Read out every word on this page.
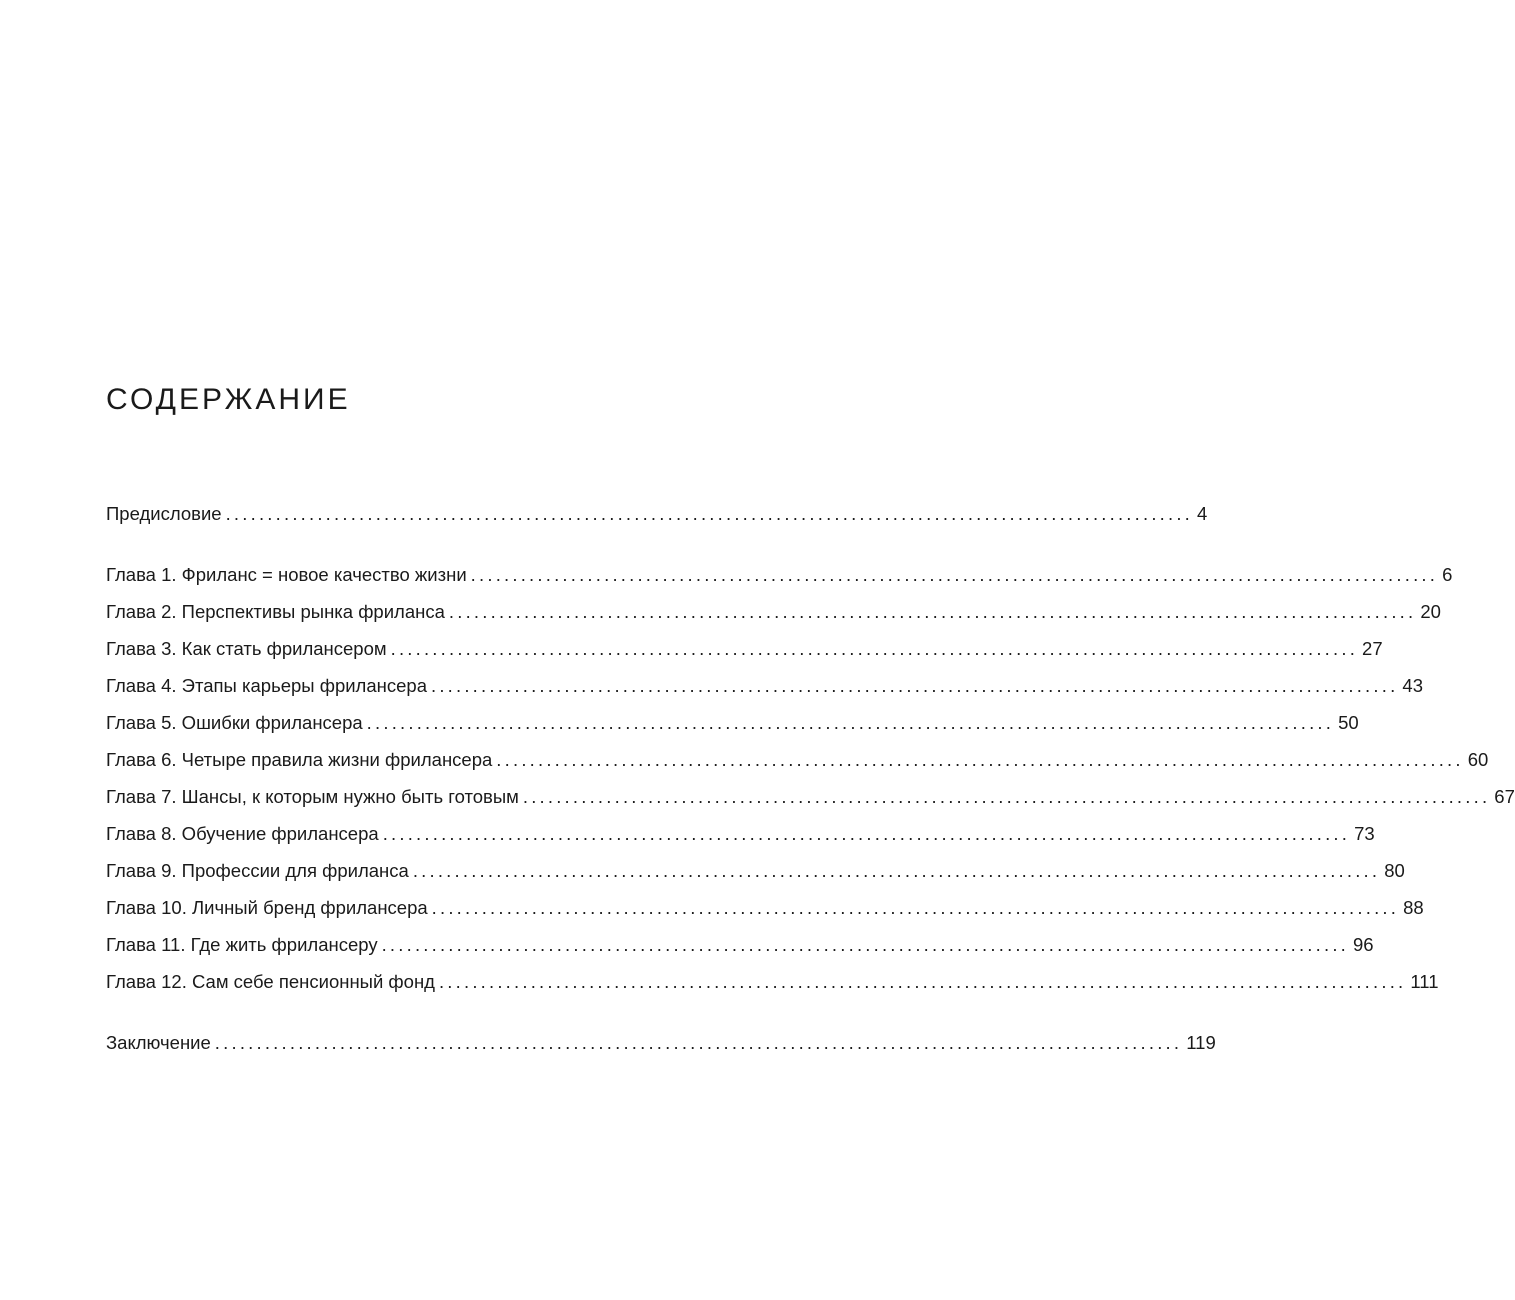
СОДЕРЖАНИЕ
Предисловие .................................................................................................................... 4
Глава 1. Фриланс = новое качество жизни .................................................................................................................... 6
Глава 2. Перспективы рынка фриланса .................................................................................................................... 20
Глава 3. Как стать фрилансером .................................................................................................................... 27
Глава 4. Этапы карьеры фрилансера .................................................................................................................... 43
Глава 5. Ошибки фрилансера .................................................................................................................... 50
Глава 6. Четыре правила жизни фрилансера .................................................................................................................... 60
Глава 7. Шансы, к которым нужно быть готовым .................................................................................................................... 67
Глава 8. Обучение фрилансера .................................................................................................................... 73
Глава 9. Профессии для фриланса .................................................................................................................... 80
Глава 10. Личный бренд фрилансера .................................................................................................................... 88
Глава 11. Где жить фрилансеру .................................................................................................................... 96
Глава 12. Сам себе пенсионный фонд .................................................................................................................... 111
Заключение .................................................................................................................... 119
